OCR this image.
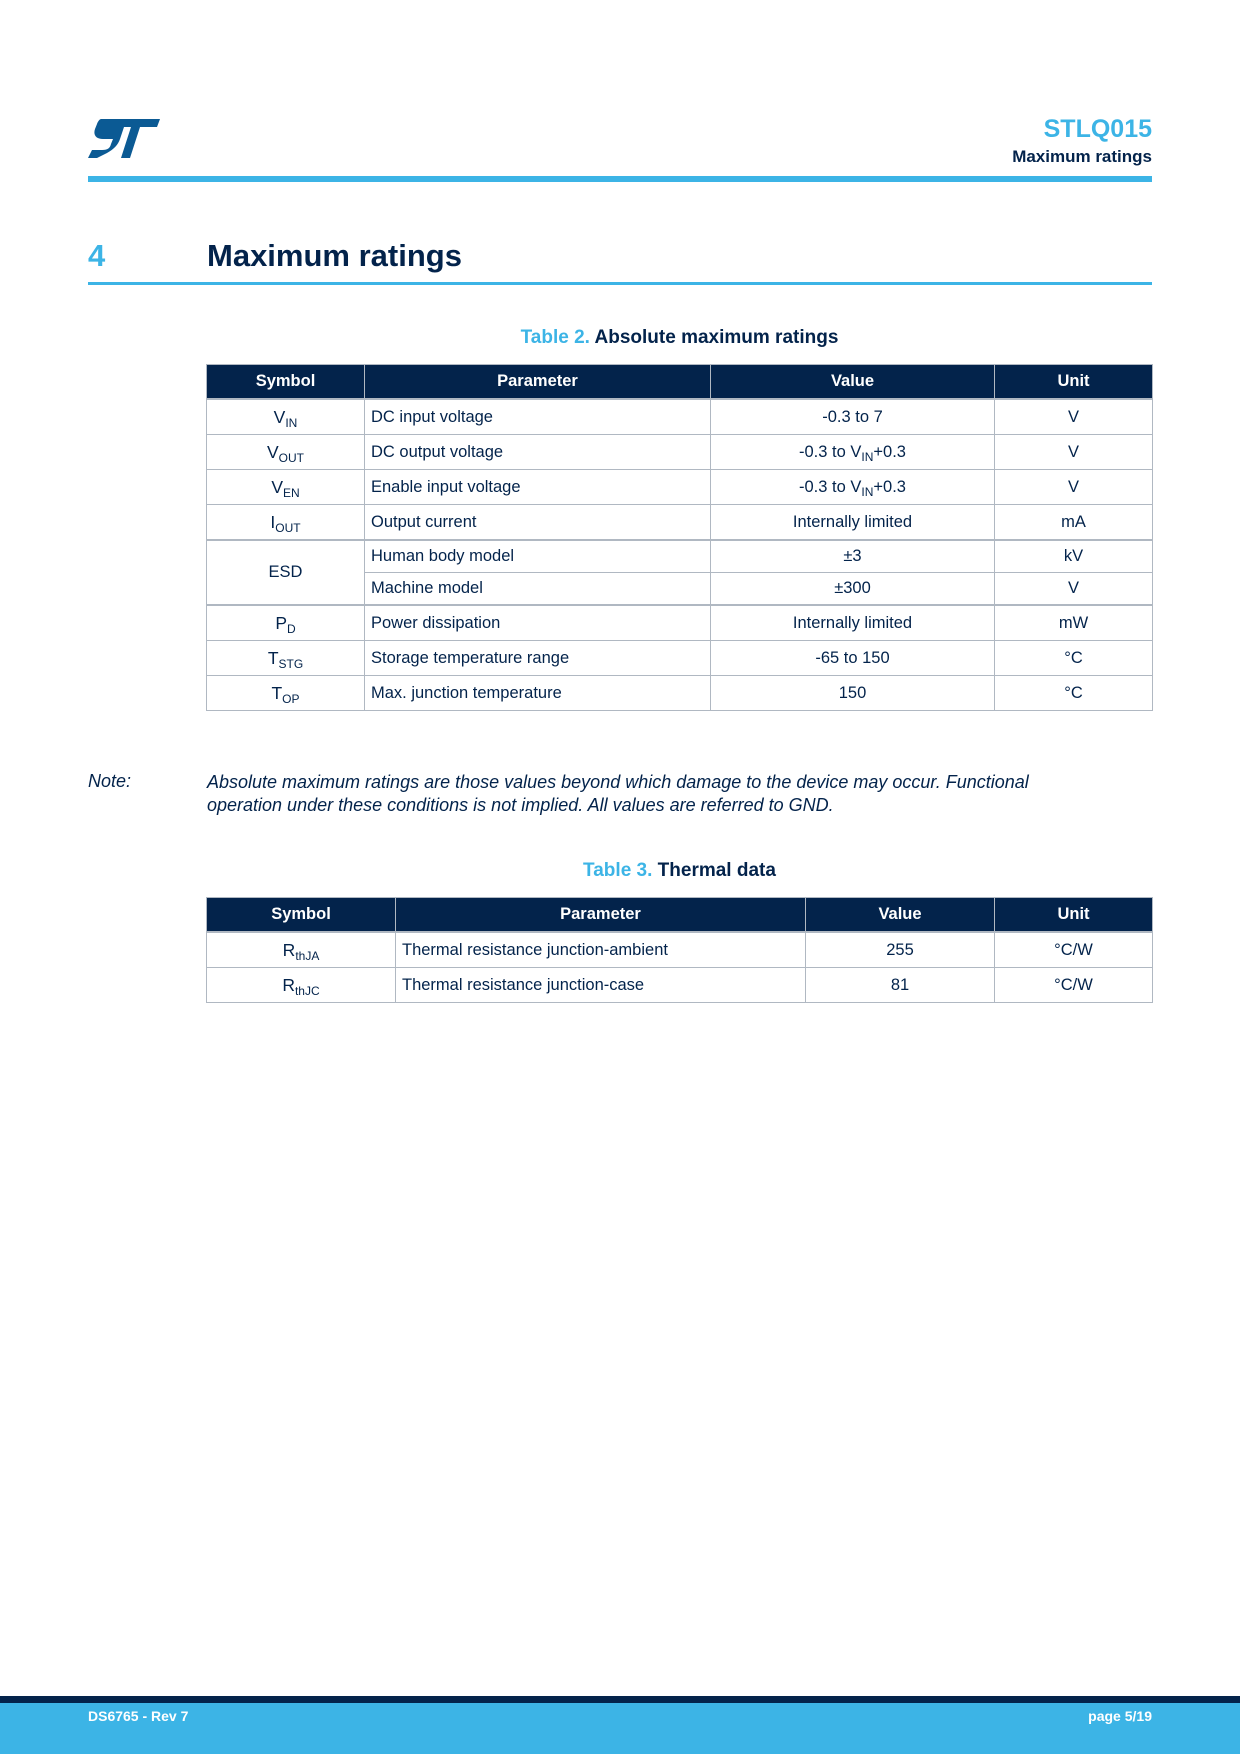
STLQ015
Maximum ratings
4	Maximum ratings
Table 2. Absolute maximum ratings
Symbol	Parameter	Value	Unit
$V_{IN}$	DC input voltage	-0.3 to 7	V
$V_{OUT}$	DC output voltage	-0.3 to $V_{IN}+0.3$	V
$V_{EN}$	Enable input voltage	-0.3 to $V_{IN}+0.3$	V
$I_{OUT}$	Output current	Internally limited	mA
ESD	Human body model	±3	kV
	Machine model	±300	V
$P_D$	Power dissipation	Internally limited	mW
$T_{STG}$	Storage temperature range	-65 to 150	°C
$T_{OP}$	Max. junction temperature	150	°C
Note:	Absolute maximum ratings are those values beyond which damage to the device may occur. Functional operation under these conditions is not implied. All values are referred to GND.
Table 3. Thermal data
Symbol	Parameter	Value	Unit
$R_{thJA}$	Thermal resistance junction-ambient	255	°C/W
$R_{thJC}$	Thermal resistance junction-case	81	°C/W
DS6765 - Rev 7	page 5/19
